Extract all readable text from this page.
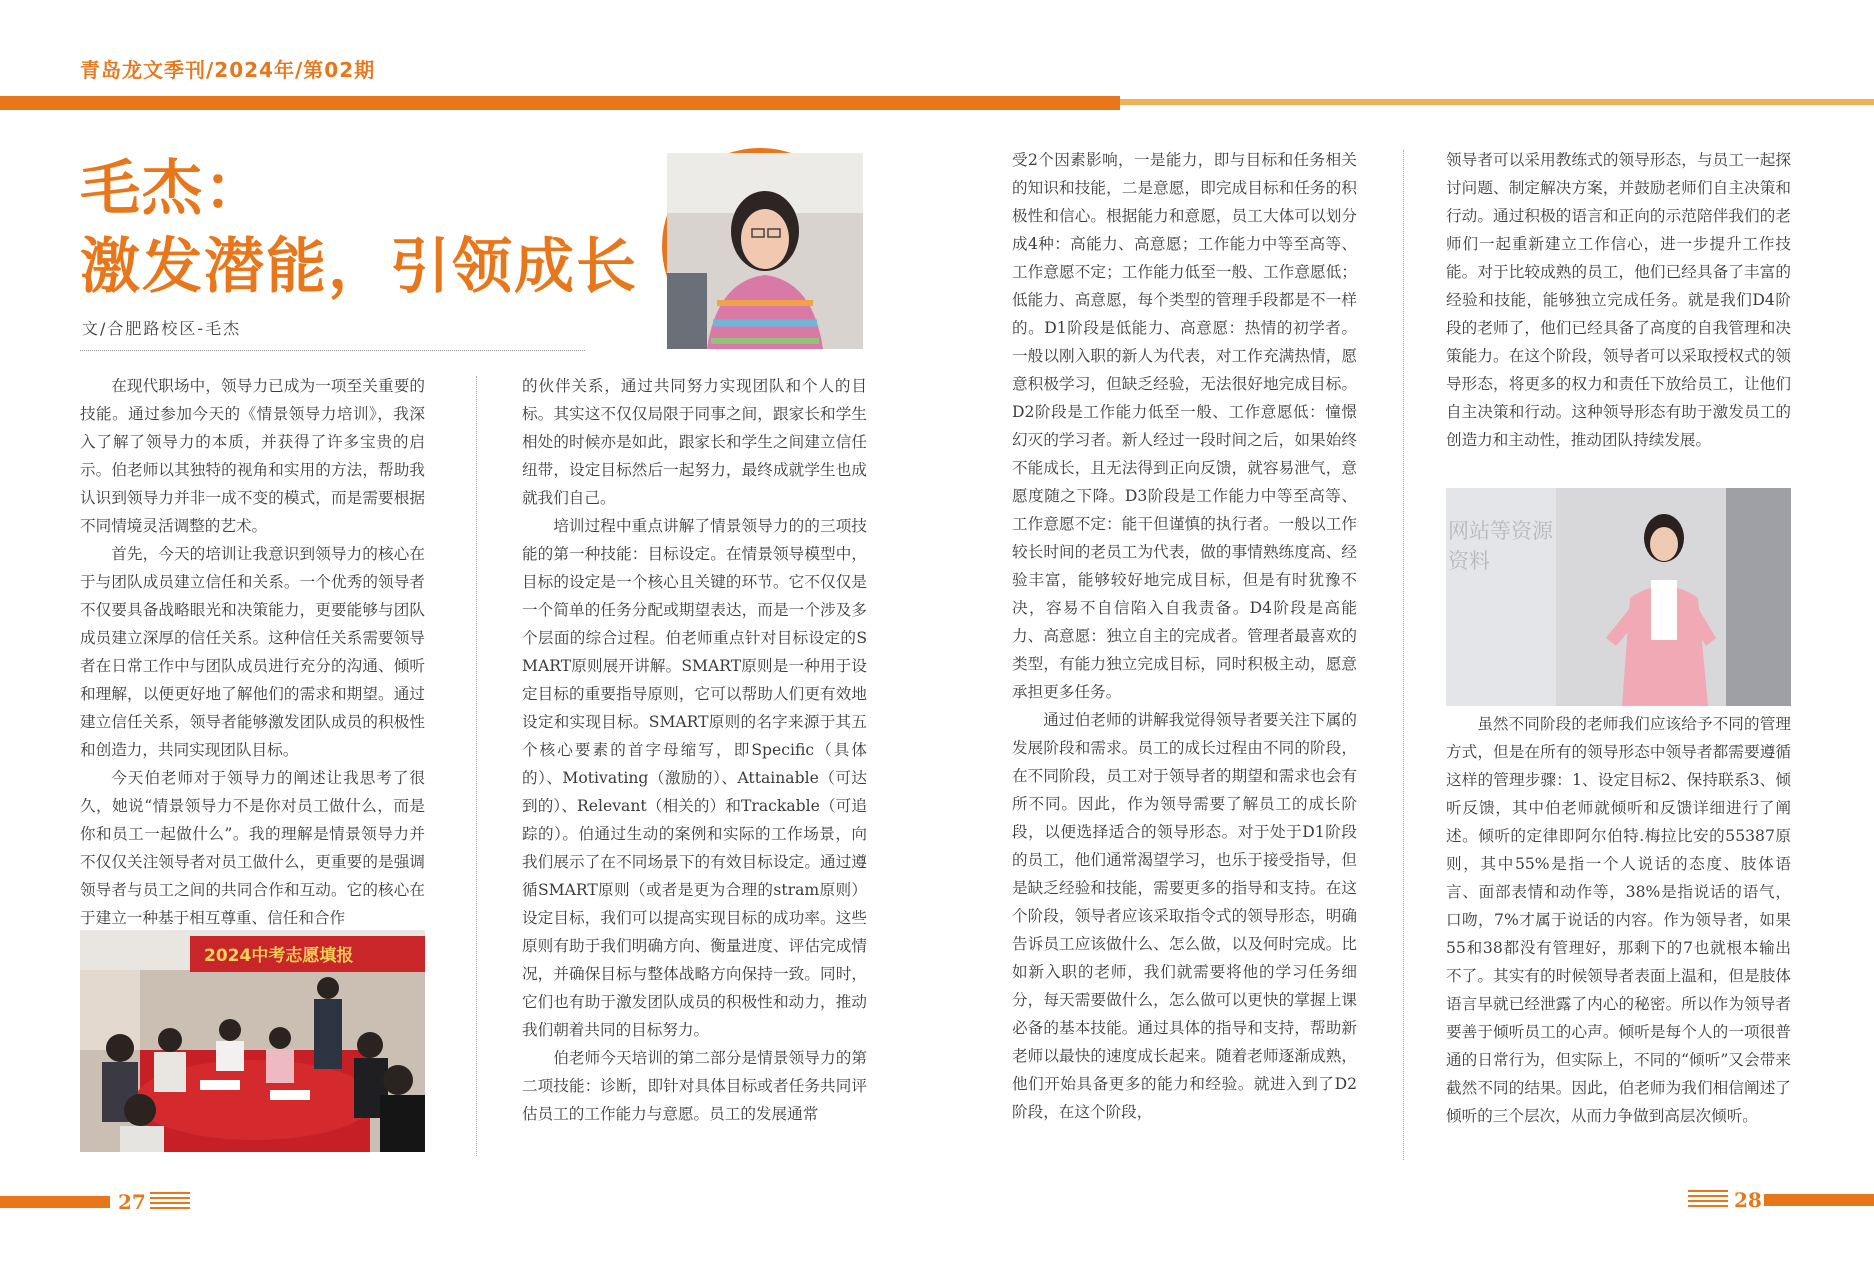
青岛龙文季刊/2024年/第02期
毛杰：
激发潜能，引领成长
文/合肥路校区-毛杰

在现代职场中，领导力已成为一项至关重要的技能。通过参加今天的《情景领导力培训》，我深入了解了领导力的本质，并获得了许多宝贵的启示。伯老师以其独特的视角和实用的方法，帮助我认识到领导力并非一成不变的模式，而是需要根据不同情境灵活调整的艺术。

首先，今天的培训让我意识到领导力的核心在于与团队成员建立信任和关系。一个优秀的领导者不仅要具备战略眼光和决策能力，更要能够与团队成员建立深厚的信任关系。这种信任关系需要领导者在日常工作中与团队成员进行充分的沟通、倾听和理解，以便更好地了解他们的需求和期望。通过建立信任关系，领导者能够激发团队成员的积极性和创造力，共同实现团队目标。

今天伯老师对于领导力的阐述让我思考了很久，她说“情景领导力不是你对员工做什么，而是你和员工一起做什么”。我的理解是情景领导力并不仅仅关注领导者对员工做什么，更重要的是强调领导者与员工之间的共同合作和互动。它的核心在于建立一种基于相互尊重、信任和合作

2024中考志愿填报

的伙伴关系，通过共同努力实现团队和个人的目标。其实这不仅仅局限于同事之间，跟家长和学生相处的时候亦是如此，跟家长和学生之间建立信任纽带，设定目标然后一起努力，最终成就学生也成就我们自己。

培训过程中重点讲解了情景领导力的的三项技能的第一种技能：目标设定。在情景领导模型中，目标的设定是一个核心且关键的环节。它不仅仅是一个简单的任务分配或期望表达，而是一个涉及多个层面的综合过程。伯老师重点针对目标设定的SMART原则展开讲解。SMART原则是一种用于设定目标的重要指导原则，它可以帮助人们更有效地设定和实现目标。SMART原则的名字来源于其五个核心要素的首字母缩写，即Specific（具体的）、Motivating（激励的）、Attainable（可达到的）、Relevant（相关的）和Trackable（可追踪的）。伯通过生动的案例和实际的工作场景，向我们展示了在不同场景下的有效目标设定。通过遵循SMART原则（或者是更为合理的stram原则）设定目标，我们可以提高实现目标的成功率。这些原则有助于我们明确方向、衡量进度、评估完成情况，并确保目标与整体战略方向保持一致。同时，它们也有助于激发团队成员的积极性和动力，推动我们朝着共同的目标努力。

伯老师今天培训的第二部分是情景领导力的第二项技能：诊断，即针对具体目标或者任务共同评估员工的工作能力与意愿。员工的发展通常

受2个因素影响，一是能力，即与目标和任务相关的知识和技能，二是意愿，即完成目标和任务的积极性和信心。根据能力和意愿，员工大体可以划分成4种：高能力、高意愿；工作能力中等至高等、工作意愿不定；工作能力低至一般、工作意愿低；低能力、高意愿，每个类型的管理手段都是不一样的。D1阶段是低能力、高意愿：热情的初学者。一般以刚入职的新人为代表，对工作充满热情，愿意积极学习，但缺乏经验，无法很好地完成目标。D2阶段是工作能力低至一般、工作意愿低：憧憬幻灭的学习者。新人经过一段时间之后，如果始终不能成长，且无法得到正向反馈，就容易泄气，意愿度随之下降。D3阶段是工作能力中等至高等、工作意愿不定：能干但谨慎的执行者。一般以工作较长时间的老员工为代表，做的事情熟练度高、经验丰富，能够较好地完成目标，但是有时犹豫不决，容易不自信陷入自我责备。D4阶段是高能力、高意愿：独立自主的完成者。管理者最喜欢的类型，有能力独立完成目标，同时积极主动，愿意承担更多任务。

通过伯老师的讲解我觉得领导者要关注下属的发展阶段和需求。员工的成长过程由不同的阶段，在不同阶段，员工对于领导者的期望和需求也会有所不同。因此，作为领导需要了解员工的成长阶段，以便选择适合的领导形态。对于处于D1阶段的员工，他们通常渴望学习，也乐于接受指导，但是缺乏经验和技能，需要更多的指导和支持。在这个阶段，领导者应该采取指令式的领导形态，明确告诉员工应该做什么、怎么做，以及何时完成。比如新入职的老师，我们就需要将他的学习任务细分，每天需要做什么，怎么做可以更快的掌握上课必备的基本技能。通过具体的指导和支持，帮助新老师以最快的速度成长起来。随着老师逐渐成熟，他们开始具备更多的能力和经验。就进入到了D2阶段，在这个阶段，

领导者可以采用教练式的领导形态，与员工一起探讨问题、制定解决方案，并鼓励老师们自主决策和行动。通过积极的语言和正向的示范陪伴我们的老师们一起重新建立工作信心，进一步提升工作技能。对于比较成熟的员工，他们已经具备了丰富的经验和技能，能够独立完成任务。就是我们D4阶段的老师了，他们已经具备了高度的自我管理和决策能力。在这个阶段，领导者可以采取授权式的领导形态，将更多的权力和责任下放给员工，让他们自主决策和行动。这种领导形态有助于激发员工的创造力和主动性，推动团队持续发展。

网站等资源
资料

虽然不同阶段的老师我们应该给予不同的管理方式，但是在所有的领导形态中领导者都需要遵循这样的管理步骤：1、设定目标2、保持联系3、倾听反馈，其中伯老师就倾听和反馈详细进行了阐述。倾听的定律即阿尔伯特.梅拉比安的55387原则，其中55%是指一个人说话的态度、肢体语言、面部表情和动作等，38%是指说话的语气，口吻，7%才属于说话的内容。作为领导者，如果55和38都没有管理好，那剩下的7也就根本输出不了。其实有的时候领导者表面上温和，但是肢体语言早就已经泄露了内心的秘密。所以作为领导者要善于倾听员工的心声。倾听是每个人的一项很普通的日常行为，但实际上，不同的“倾听”又会带来截然不同的结果。因此，伯老师为我们相信阐述了倾听的三个层次，从而力争做到高层次倾听。

27	28
